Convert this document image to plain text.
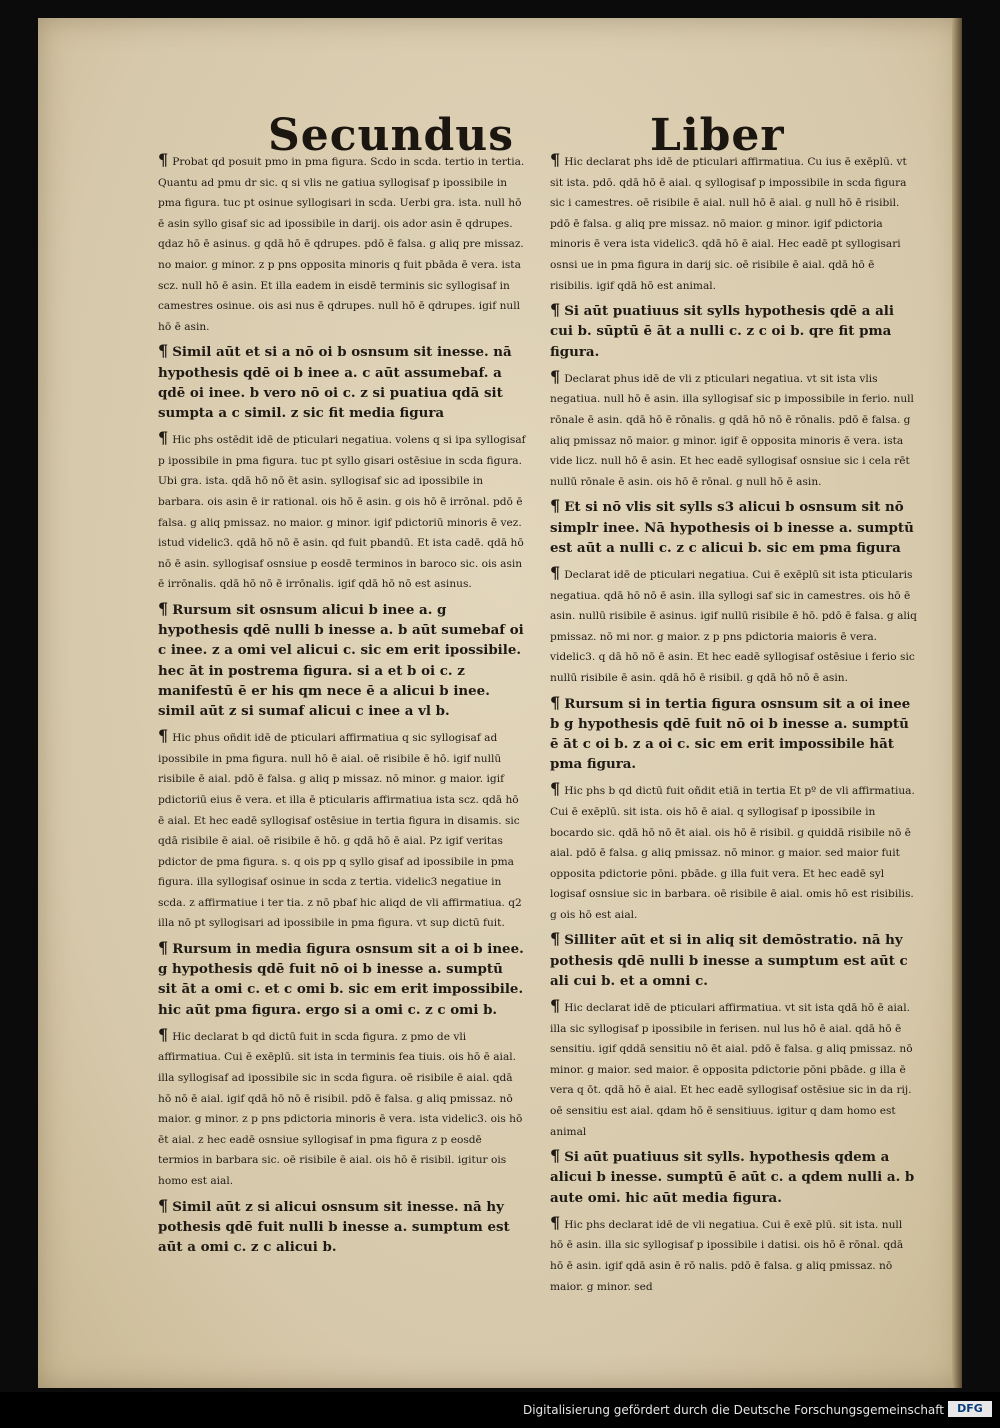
Secundus	Liber
¶ Probat qd posuit pmo in pma figura. Scdo in scda. tertio in tertia. Quantu ad pmu dr sic. q si vlis ne gatiua syllogisaf p ipossibile in pma figura. tuc pt osinue syllogisari in scda. Uerbi gra. ista. null hō ē asin syllo gisaf sic ad ipossibile in darij. ois ador asin ē qdrupes. qdaz hō ē asinus. g qdā hō ē qdrupes. pdō ē falsa. g aliq pre missaz. no maior. g minor. z p pns opposita minoris q fuit pbāda ē vera. ista scz. null hō ē asin. Et illa eadem in eisdē terminis sic syllogisaf in camestres osinue. ois asi nus ē qdrupes. null hō ē qdrupes. igif null hō ē asin.
¶ Simil aūt et si a nō oi b osnsum sit inesse. nā hypothesis qdē oi b inee a. c aūt assumebaf. a qdē oi inee. b vero nō oi c. z si puatiua qdā sit sumpta a c simil. z sic fit media figura
¶ Hic phs ostēdit idē de pticulari negatiua. volens q si ipa syllogisaf p ipossibile in pma figura. tuc pt syllo gisari ostēsiue in scda figura. Ubi gra. ista. qdā hō nō ēt asin. syllogisaf sic ad ipossibile in barbara. ois asin ē ir rational. ois hō ē asin. g ois hō ē irrōnal. pdō ē falsa. g aliq pmissaz. no maior. g minor. igif pdictoriū minoris ē vez. istud videlic3. qdā hō nō ē asin. qd fuit pbandū. Et ista cadē. qdā hō nō ē asin. syllogisaf osnsiue p eosdē terminos in baroco sic. ois asin ē irrōnalis. qdā hō nō ē irrōnalis. igif qdā hō nō est asinus.
¶ Rursum sit osnsum alicui b inee a. g hypothesis qdē nulli b inesse a. b aūt sumebaf oi c inee. z a omi vel alicui c. sic em erit ipossibile. hec āt in postrema figura. si a et b oi c. z manifestū ē er his qm nece ē a alicui b inee. simil aūt z si sumaf alicui c inee a vl b.
¶ Hic phus oñdit idē de pticulari affirmatiua q sic syllogisaf ad ipossibile in pma figura. null hō ē aial. oē risibile ē hō. igif nullū risibile ē aial. pdō ē falsa. g aliq p missaz. nō minor. g maior. igif pdictoriū eius ē vera. et illa ē pticularis affirmatiua ista scz. qdā hō ē aial. Et hec eadē syllogisaf ostēsiue in tertia figura in disamis. sic qdā risibile ē aial. oē risibile ē hō. g qdā hō ē aial. Pz igif veritas pdictor de pma figura. s. q ois pp q syllo gisaf ad ipossibile in pma figura. illa syllogisaf osinue in scda z tertia. videlic3 negatiue in scda. z affirmatiue i ter tia. z nō pbaf hic aliqd de vli affirmatiua. q2 illa nō pt syllogisari ad ipossibile in pma figura. vt sup dictū fuit.
¶ Rursum in media figura osnsum sit a oi b inee. g hypothesis qdē fuit nō oi b inesse a. sumptū sit āt a omi c. et c omi b. sic em erit impossibile. hic aūt pma figura. ergo si a omi c. z c omi b.
¶ Hic declarat b qd dictū fuit in scda figura. z pmo de vli affirmatiua. Cui ē exēplū. sit ista in terminis fea tiuis. ois hō ē aial. illa syllogisaf ad ipossibile sic in scda figura. oē risibile ē aial. qdā hō nō ē aial. igif qdā hō nō ē risibil. pdō ē falsa. g aliq pmissaz. nō maior. g minor. z p pns pdictoria minoris ē vera. ista videlic3. ois hō ēt aial. z hec eadē osnsiue syllogisaf in pma figura z p eosdē termios in barbara sic. oē risibile ē aial. ois hō ē risibil. igitur ois homo est aial.
¶ Simil aūt z si alicui osnsum sit inesse. nā hy pothesis qdē fuit nulli b inesse a. sumptum est aūt a omi c. z c alicui b.
¶ Hic declarat phs idē de pticulari affirmatiua. Cu ius ē exēplū. vt sit ista. pdō. qdā hō ē aial. q syllogisaf p impossibile in scda figura sic i camestres. oē risibile ē aial. null hō ē aial. g null hō ē risibil. pdō ē falsa. g aliq pre missaz. nō maior. g minor. igif pdictoria minoris ē vera ista videlic3. qdā hō ē aial. Hec eadē pt syllogisari osnsi ue in pma figura in darij sic. oē risibile ē aial. qdā hō ē risibilis. igif qdā hō est animal.
¶ Si aūt puatiuus sit sylls hypothesis qdē a ali cui b. sūptū ē āt a nulli c. z c oi b. qre fit pma figura.
¶ Declarat phus idē de vli z pticulari negatiua. vt sit ista vlis negatiua. null hō ē asin. illa syllogisaf sic p impossibile in ferio. null rōnale ē asin. qdā hō ē rōnalis. g qdā hō nō ē rōnalis. pdō ē falsa. g aliq pmissaz nō maior. g minor. igif ē opposita minoris ē vera. ista vide licz. null hō ē asin. Et hec eadē syllogisaf osnsiue sic i cela rēt nullū rōnale ē asin. ois hō ē rōnal. g null hō ē asin.
¶ Et si nō vlis sit sylls s3 alicui b osnsum sit nō simplr inee. Nā hypothesis oi b inesse a. sumptū est aūt a nulli c. z c alicui b. sic em pma figura
¶ Declarat idē de pticulari negatiua. Cui ē exēplū sit ista pticularis negatiua. qdā hō nō ē asin. illa syllogi saf sic in camestres. ois hō ē asin. nullū risibile ē asinus. igif nullū risibile ē hō. pdō ē falsa. g aliq pmissaz. nō mi nor. g maior. z p pns pdictoria maioris ē vera. videlic3. q dā hō nō ē asin. Et hec eadē syllogisaf ostēsiue i ferio sic nullū risibile ē asin. qdā hō ē risibil. g qdā hō nō ē asin.
¶ Rursum si in tertia figura osnsum sit a oi inee b g hypothesis qdē fuit nō oi b inesse a. sumptū ē āt c oi b. z a oi c. sic em erit impossibile hāt pma figura.
¶ Hic phs b qd dictū fuit oñdit etiā in tertia Et pº de vli affirmatiua. Cui ē exēplū. sit ista. ois hō ē aial. q syllogisaf p ipossibile in bocardo sic. qdā hō nō ēt aial. ois hō ē risibil. g quiddā risibile nō ē aial. pdō ē falsa. g aliq pmissaz. nō minor. g maior. sed maior fuit opposita pdictorie pōni. pbāde. g illa fuit vera. Et hec eadē syl logisaf osnsiue sic in barbara. oē risibile ē aial. omis hō est risibilis. g ois hō est aial.
¶ Silliter aūt et si in aliq sit demōstratio. nā hy pothesis qdē nulli b inesse a sumptum est aūt c ali cui b. et a omni c.
¶ Hic declarat idē de pticulari affirmatiua. vt sit ista qdā hō ē aial. illa sic syllogisaf p ipossibile in ferisen. nul lus hō ē aial. qdā hō ē sensitiu. igif qddā sensitiu nō ēt aial. pdō ē falsa. g aliq pmissaz. nō minor. g maior. sed maior. ē opposita pdictorie pōni pbāde. g illa ē vera q ōt. qdā hō ē aial. Et hec eadē syllogisaf ostēsiue sic in da rij. oē sensitiu est aial. qdam hō ē sensitiuus. igitur q dam homo est animal
¶ Si aūt puatiuus sit sylls. hypothesis qdem a alicui b inesse. sumptū ē aūt c. a qdem nulli a. b aute omi. hic aūt media figura.
¶ Hic phs declarat idē de vli negatiua. Cui ē exē plū. sit ista. null hō ē asin. illa sic syllogisaf p ipossibile i datisi. ois hō ē rōnal. qdā hō ē asin. igif qdā asin ē rō nalis. pdō ē falsa. g aliq pmissaz. nō maior. g minor. sed
Digitalisierung gefördert durch die Deutsche Forschungsgemeinschaft	DFG
